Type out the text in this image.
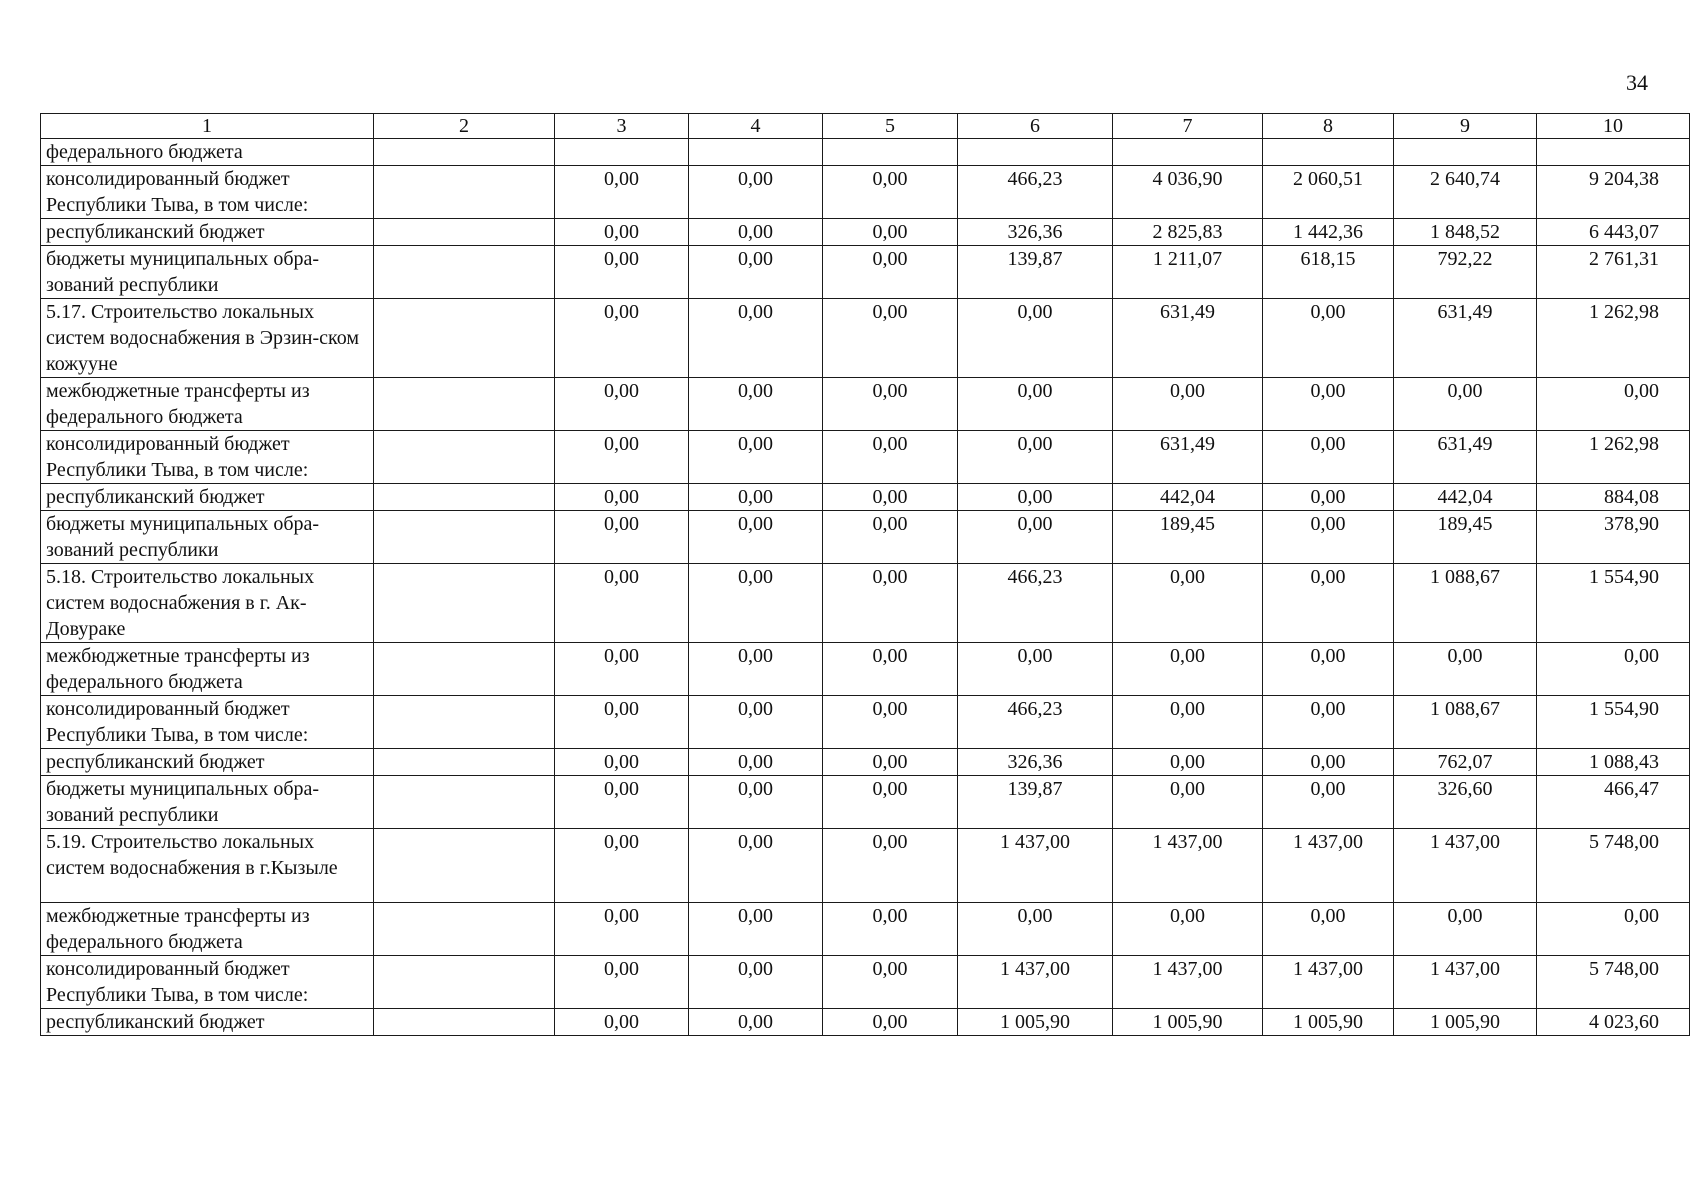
34
1	2	3	4	5	6	7	8	9	10
федерального бюджета									
консолидированный бюджет Республики Тыва, в том числе:		0,00	0,00	0,00	466,23	4 036,90	2 060,51	2 640,74	9 204,38
республиканский бюджет		0,00	0,00	0,00	326,36	2 825,83	1 442,36	1 848,52	6 443,07
бюджеты муниципальных обра-зований республики		0,00	0,00	0,00	139,87	1 211,07	618,15	792,22	2 761,31
5.17. Строительство локальных систем водоснабжения в Эрзин-ском кожууне		0,00	0,00	0,00	0,00	631,49	0,00	631,49	1 262,98
межбюджетные трансферты из федерального бюджета		0,00	0,00	0,00	0,00	0,00	0,00	0,00	0,00
консолидированный бюджет Республики Тыва, в том числе:		0,00	0,00	0,00	0,00	631,49	0,00	631,49	1 262,98
республиканский бюджет		0,00	0,00	0,00	0,00	442,04	0,00	442,04	884,08
бюджеты муниципальных обра-зований республики		0,00	0,00	0,00	0,00	189,45	0,00	189,45	378,90
5.18. Строительство локальных систем водоснабжения в г. Ак-Довураке		0,00	0,00	0,00	466,23	0,00	0,00	1 088,67	1 554,90
межбюджетные трансферты из федерального бюджета		0,00	0,00	0,00	0,00	0,00	0,00	0,00	0,00
консолидированный бюджет Республики Тыва, в том числе:		0,00	0,00	0,00	466,23	0,00	0,00	1 088,67	1 554,90
республиканский бюджет		0,00	0,00	0,00	326,36	0,00	0,00	762,07	1 088,43
бюджеты муниципальных обра-зований республики		0,00	0,00	0,00	139,87	0,00	0,00	326,60	466,47
5.19. Строительство локальных систем водоснабжения в г.Кызыле		0,00	0,00	0,00	1 437,00	1 437,00	1 437,00	1 437,00	5 748,00
межбюджетные трансферты из федерального бюджета		0,00	0,00	0,00	0,00	0,00	0,00	0,00	0,00
консолидированный бюджет Республики Тыва, в том числе:		0,00	0,00	0,00	1 437,00	1 437,00	1 437,00	1 437,00	5 748,00
республиканский бюджет		0,00	0,00	0,00	1 005,90	1 005,90	1 005,90	1 005,90	4 023,60
